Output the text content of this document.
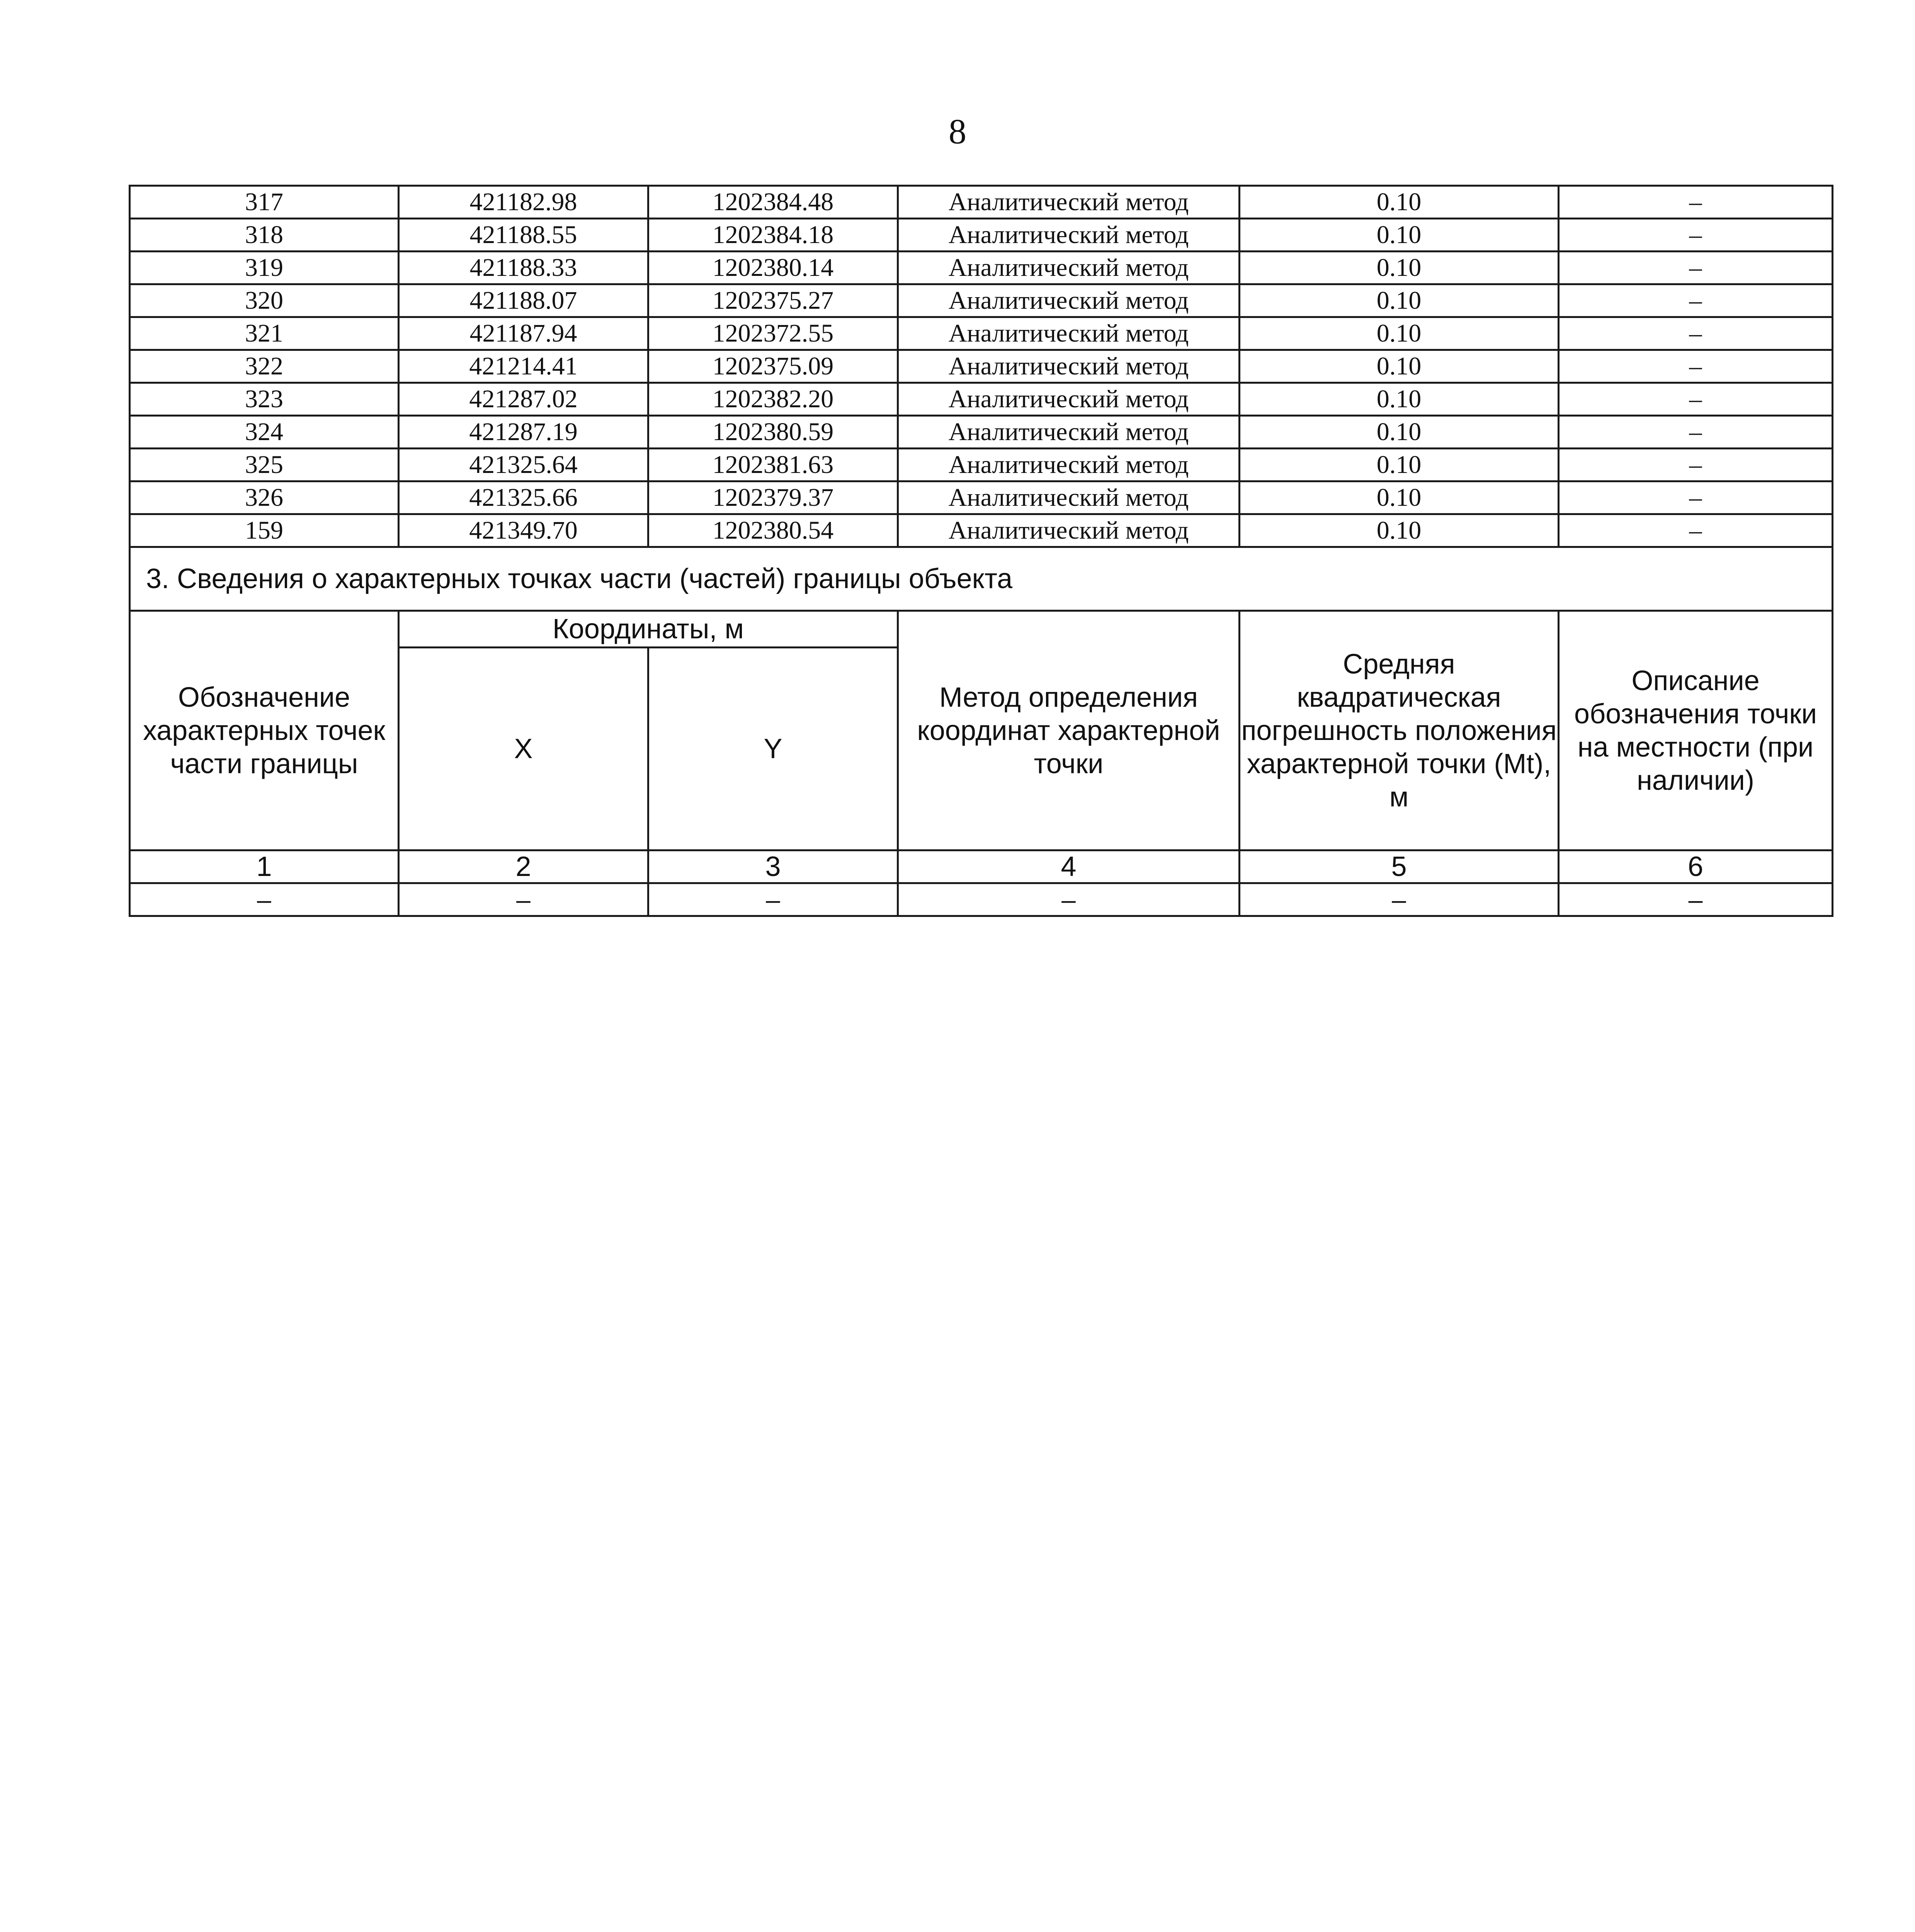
8
317	421182.98	1202384.48	Аналитический метод	0.10	–
318	421188.55	1202384.18	Аналитический метод	0.10	–
319	421188.33	1202380.14	Аналитический метод	0.10	–
320	421188.07	1202375.27	Аналитический метод	0.10	–
321	421187.94	1202372.55	Аналитический метод	0.10	–
322	421214.41	1202375.09	Аналитический метод	0.10	–
323	421287.02	1202382.20	Аналитический метод	0.10	–
324	421287.19	1202380.59	Аналитический метод	0.10	–
325	421325.64	1202381.63	Аналитический метод	0.10	–
326	421325.66	1202379.37	Аналитический метод	0.10	–
159	421349.70	1202380.54	Аналитический метод	0.10	–
3. Сведения о характерных точках части (частей) границы объекта					
Обозначение характерных точек части границы	Координаты, м		Метод определения координат характерной точки	Средняя квадратическая погрешность положения характерной точки (Мt), м	Описание обозначения точки на местности (при наличии)
	X	Y			
1	2	3	4	5	6
–	–	–	–	–	–
